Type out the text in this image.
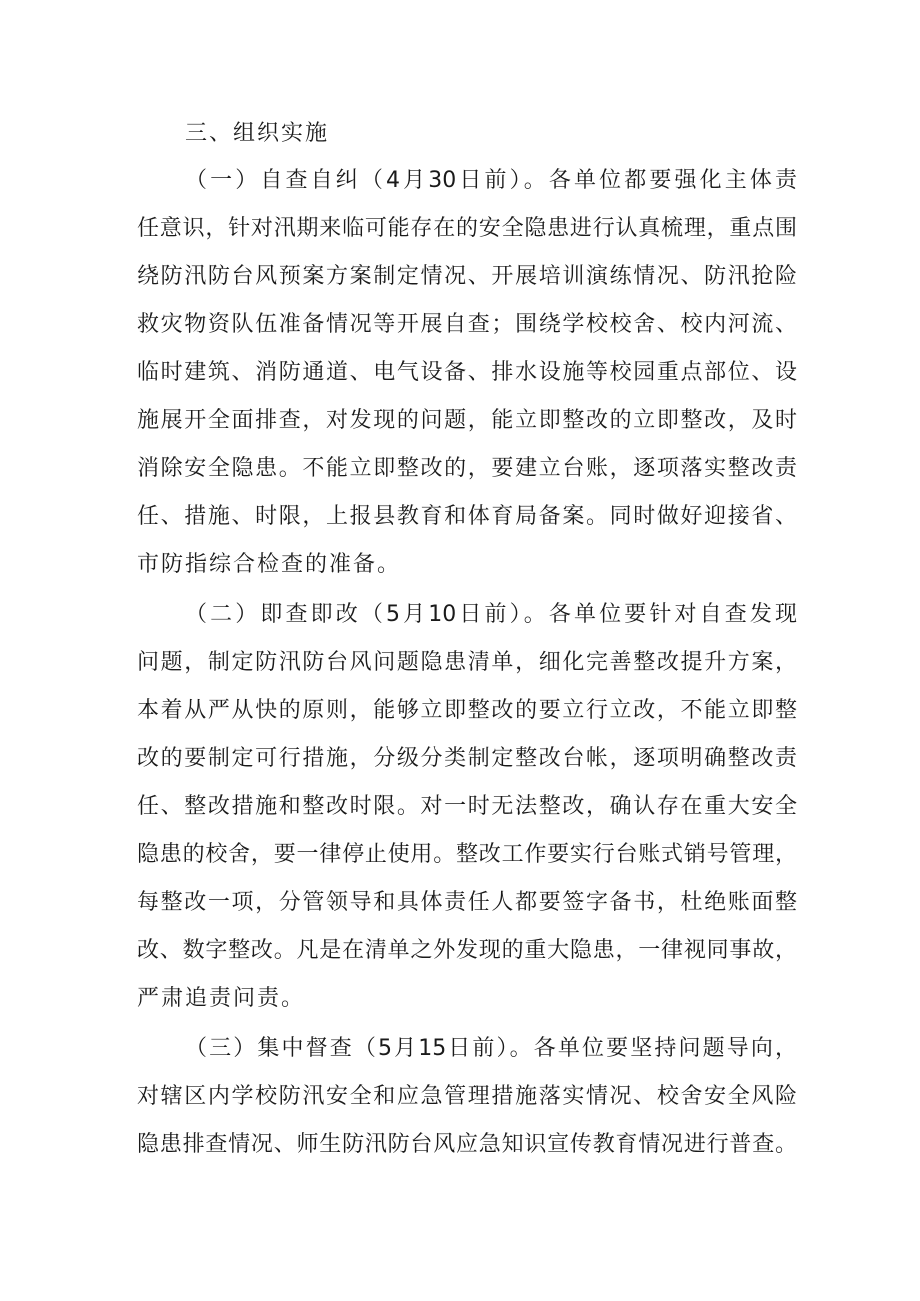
三、组织实施
（一）自查自纠（4月30日前）。各单位都要强化主体责
任意识，针对汛期来临可能存在的安全隐患进行认真梳理，重点围
绕防汛防台风预案方案制定情况、开展培训演练情况、防汛抢险
救灾物资队伍准备情况等开展自查；围绕学校校舍、校内河流、
临时建筑、消防通道、电气设备、排水设施等校园重点部位、设
施展开全面排查，对发现的问题，能立即整改的立即整改，及时
消除安全隐患。不能立即整改的，要建立台账，逐项落实整改责
任、措施、时限，上报县教育和体育局备案。同时做好迎接省、
市防指综合检查的准备。
（二）即查即改（5月10日前）。各单位要针对自查发现
问题，制定防汛防台风问题隐患清单，细化完善整改提升方案，
本着从严从快的原则，能够立即整改的要立行立改，不能立即整
改的要制定可行措施，分级分类制定整改台帐，逐项明确整改责
任、整改措施和整改时限。对一时无法整改，确认存在重大安全
隐患的校舍，要一律停止使用。整改工作要实行台账式销号管理，
每整改一项，分管领导和具体责任人都要签字备书，杜绝账面整
改、数字整改。凡是在清单之外发现的重大隐患，一律视同事故，
严肃追责问责。
（三）集中督查（5月15日前）。各单位要坚持问题导向，
对辖区内学校防汛安全和应急管理措施落实情况、校舍安全风险
隐患排查情况、师生防汛防台风应急知识宣传教育情况进行普查。
